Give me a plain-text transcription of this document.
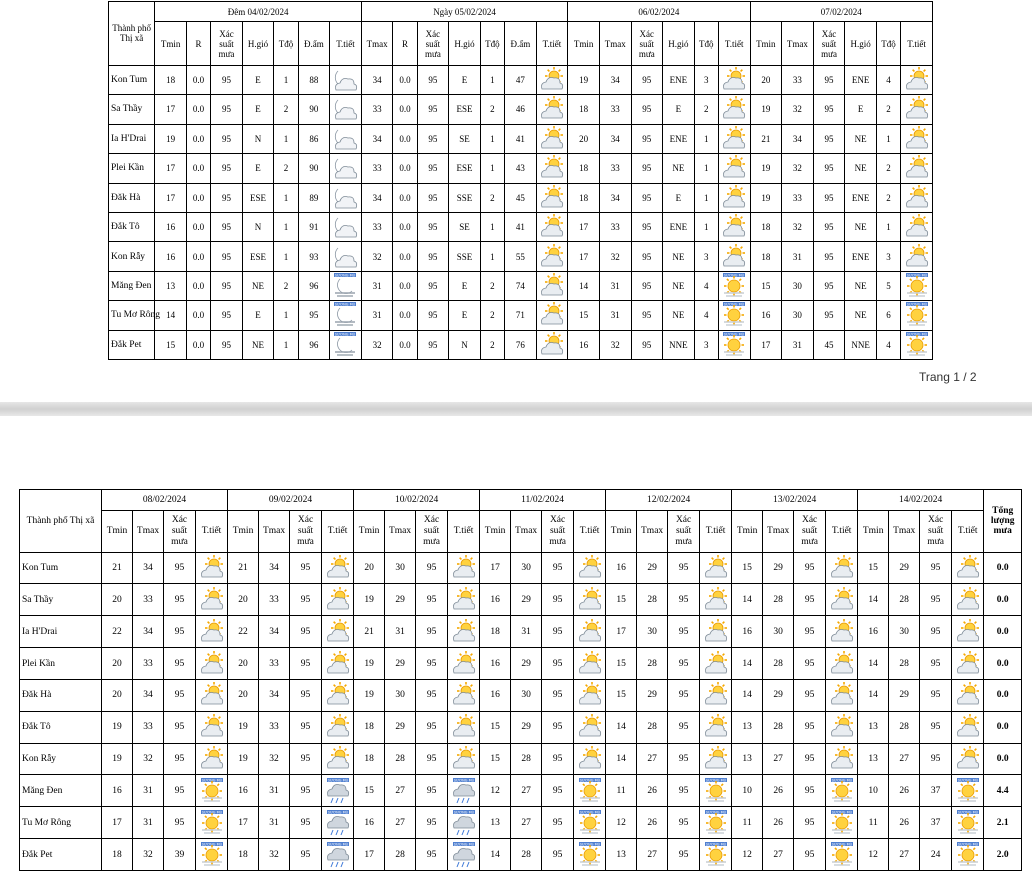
Thành phố Thị xã	Đêm 04/02/2024							Ngày 05/02/2024							06/02/2024						07/02/2024					
	Tmin	R	Xác suất mưa	H.gió	Tđộ	Đ.ẩm	T.tiết	Tmax	R	Xác suất mưa	H.gió	Tđộ	Đ.ẩm	T.tiết	Tmin	Tmax	Xác suất mưa	H.gió	Tđộ	T.tiết	Tmin	Tmax	Xác suất mưa	H.gió	Tđộ	T.tiết
Kon Tum	18	0.0	95	E	1	88		34	0.0	95	E	1	47		19	34	95	ENE	3		20	33	95	ENE	4	

Sa Thầy	17	0.0	95	E	2	90		33	0.0	95	ESE	2	46		18	33	95	E	2		19	32	95	E	2	

Ia H'Drai	19	0.0	95	N	1	86		34	0.0	95	SE	1	41		20	34	95	ENE	1		21	34	95	NE	1	

Plei Kần	17	0.0	95	E	2	90		33	0.0	95	ESE	1	43		18	33	95	NE	1		19	32	95	NE	2	

Đăk Hà	17	0.0	95	ESE	1	89		34	0.0	95	SSE	2	45		18	34	95	E	1		19	33	95	ENE	2	

Đắk Tô	16	0.0	95	N	1	91		33	0.0	95	SE	1	41		17	33	95	ENE	1		18	32	95	NE	1	

Kon Rẫy	16	0.0	95	ESE	1	93		32	0.0	95	SSE	1	55		17	32	95	NE	3		18	31	95	ENE	3	

Măng Đen	13	0.0	95	NE	2	96	SƯƠNG MÙ	31	0.0	95	E	2	74		14	31	95	NE	4	SƯƠNG MÙ	15	30	95	NE	5	SƯƠNG MÙ

Tu Mơ Rông	14	0.0	95	E	1	95	SƯƠNG MÙ	31	0.0	95	E	2	71		15	31	95	NE	4	SƯƠNG MÙ	16	30	95	NE	6	SƯƠNG MÙ

Đắk Pet	15	0.0	95	NE	1	96	SƯƠNG MÙ	32	0.0	95	N	2	76		16	32	95	NNE	3	SƯƠNG MÙ	17	31	45	NNE	4	SƯƠNG MÙ
Trang 1 / 2
Thành phố Thị xã	08/02/2024				09/02/2024				10/02/2024				11/02/2024				12/02/2024				13/02/2024				14/02/2024				Tổng lượng mưa
	Tmin	Tmax	Xác suất mưa	T.tiết	Tmin	Tmax	Xác suất mưa	T.tiết	Tmin	Tmax	Xác suất mưa	T.tiết	Tmin	Tmax	Xác suất mưa	T.tiết	Tmin	Tmax	Xác suất mưa	T.tiết	Tmin	Tmax	Xác suất mưa	T.tiết	Tmin	Tmax	Xác suất mưa	T.tiết	
Kon Tum	21	34	95		21	34	95		20	30	95		17	30	95		16	29	95		15	29	95		15	29	95		0.0
Sa Thầy	20	33	95		20	33	95		19	29	95		16	29	95		15	28	95		14	28	95		14	28	95		0.0
Ia H'Drai	22	34	95		22	34	95		21	31	95		18	31	95		17	30	95		16	30	95		16	30	95		0.0
Plei Kần	20	33	95		20	33	95		19	29	95		16	29	95		15	28	95		14	28	95		14	28	95		0.0
Đăk Hà	20	34	95		20	34	95		19	30	95		16	30	95		15	29	95		14	29	95		14	29	95		0.0
Đắk Tô	19	33	95		19	33	95		18	29	95		15	29	95		14	28	95		13	28	95		13	28	95		0.0
Kon Rẫy	19	32	95		19	32	95		18	28	95		15	28	95		14	27	95		13	27	95		13	27	95		0.0
Măng Đen	16	31	95	SƯƠNG MÙ	16	31	95	SƯƠNG MÙ	15	27	95	SƯƠNG MÙ	12	27	95	SƯƠNG MÙ	11	26	95	SƯƠNG MÙ	10	26	95	SƯƠNG MÙ	10	26	37	SƯƠNG MÙ	4.4
Tu Mơ Rông	17	31	95	SƯƠNG MÙ	17	31	95	SƯƠNG MÙ	16	27	95	SƯƠNG MÙ	13	27	95	SƯƠNG MÙ	12	26	95	SƯƠNG MÙ	11	26	95	SƯƠNG MÙ	11	26	37	SƯƠNG MÙ	2.1
Đắk Pet	18	32	39	SƯƠNG MÙ	18	32	95	SƯƠNG MÙ	17	28	95	SƯƠNG MÙ	14	28	95	SƯƠNG MÙ	13	27	95	SƯƠNG MÙ	12	27	95	SƯƠNG MÙ	12	27	24	SƯƠNG MÙ	2.0
